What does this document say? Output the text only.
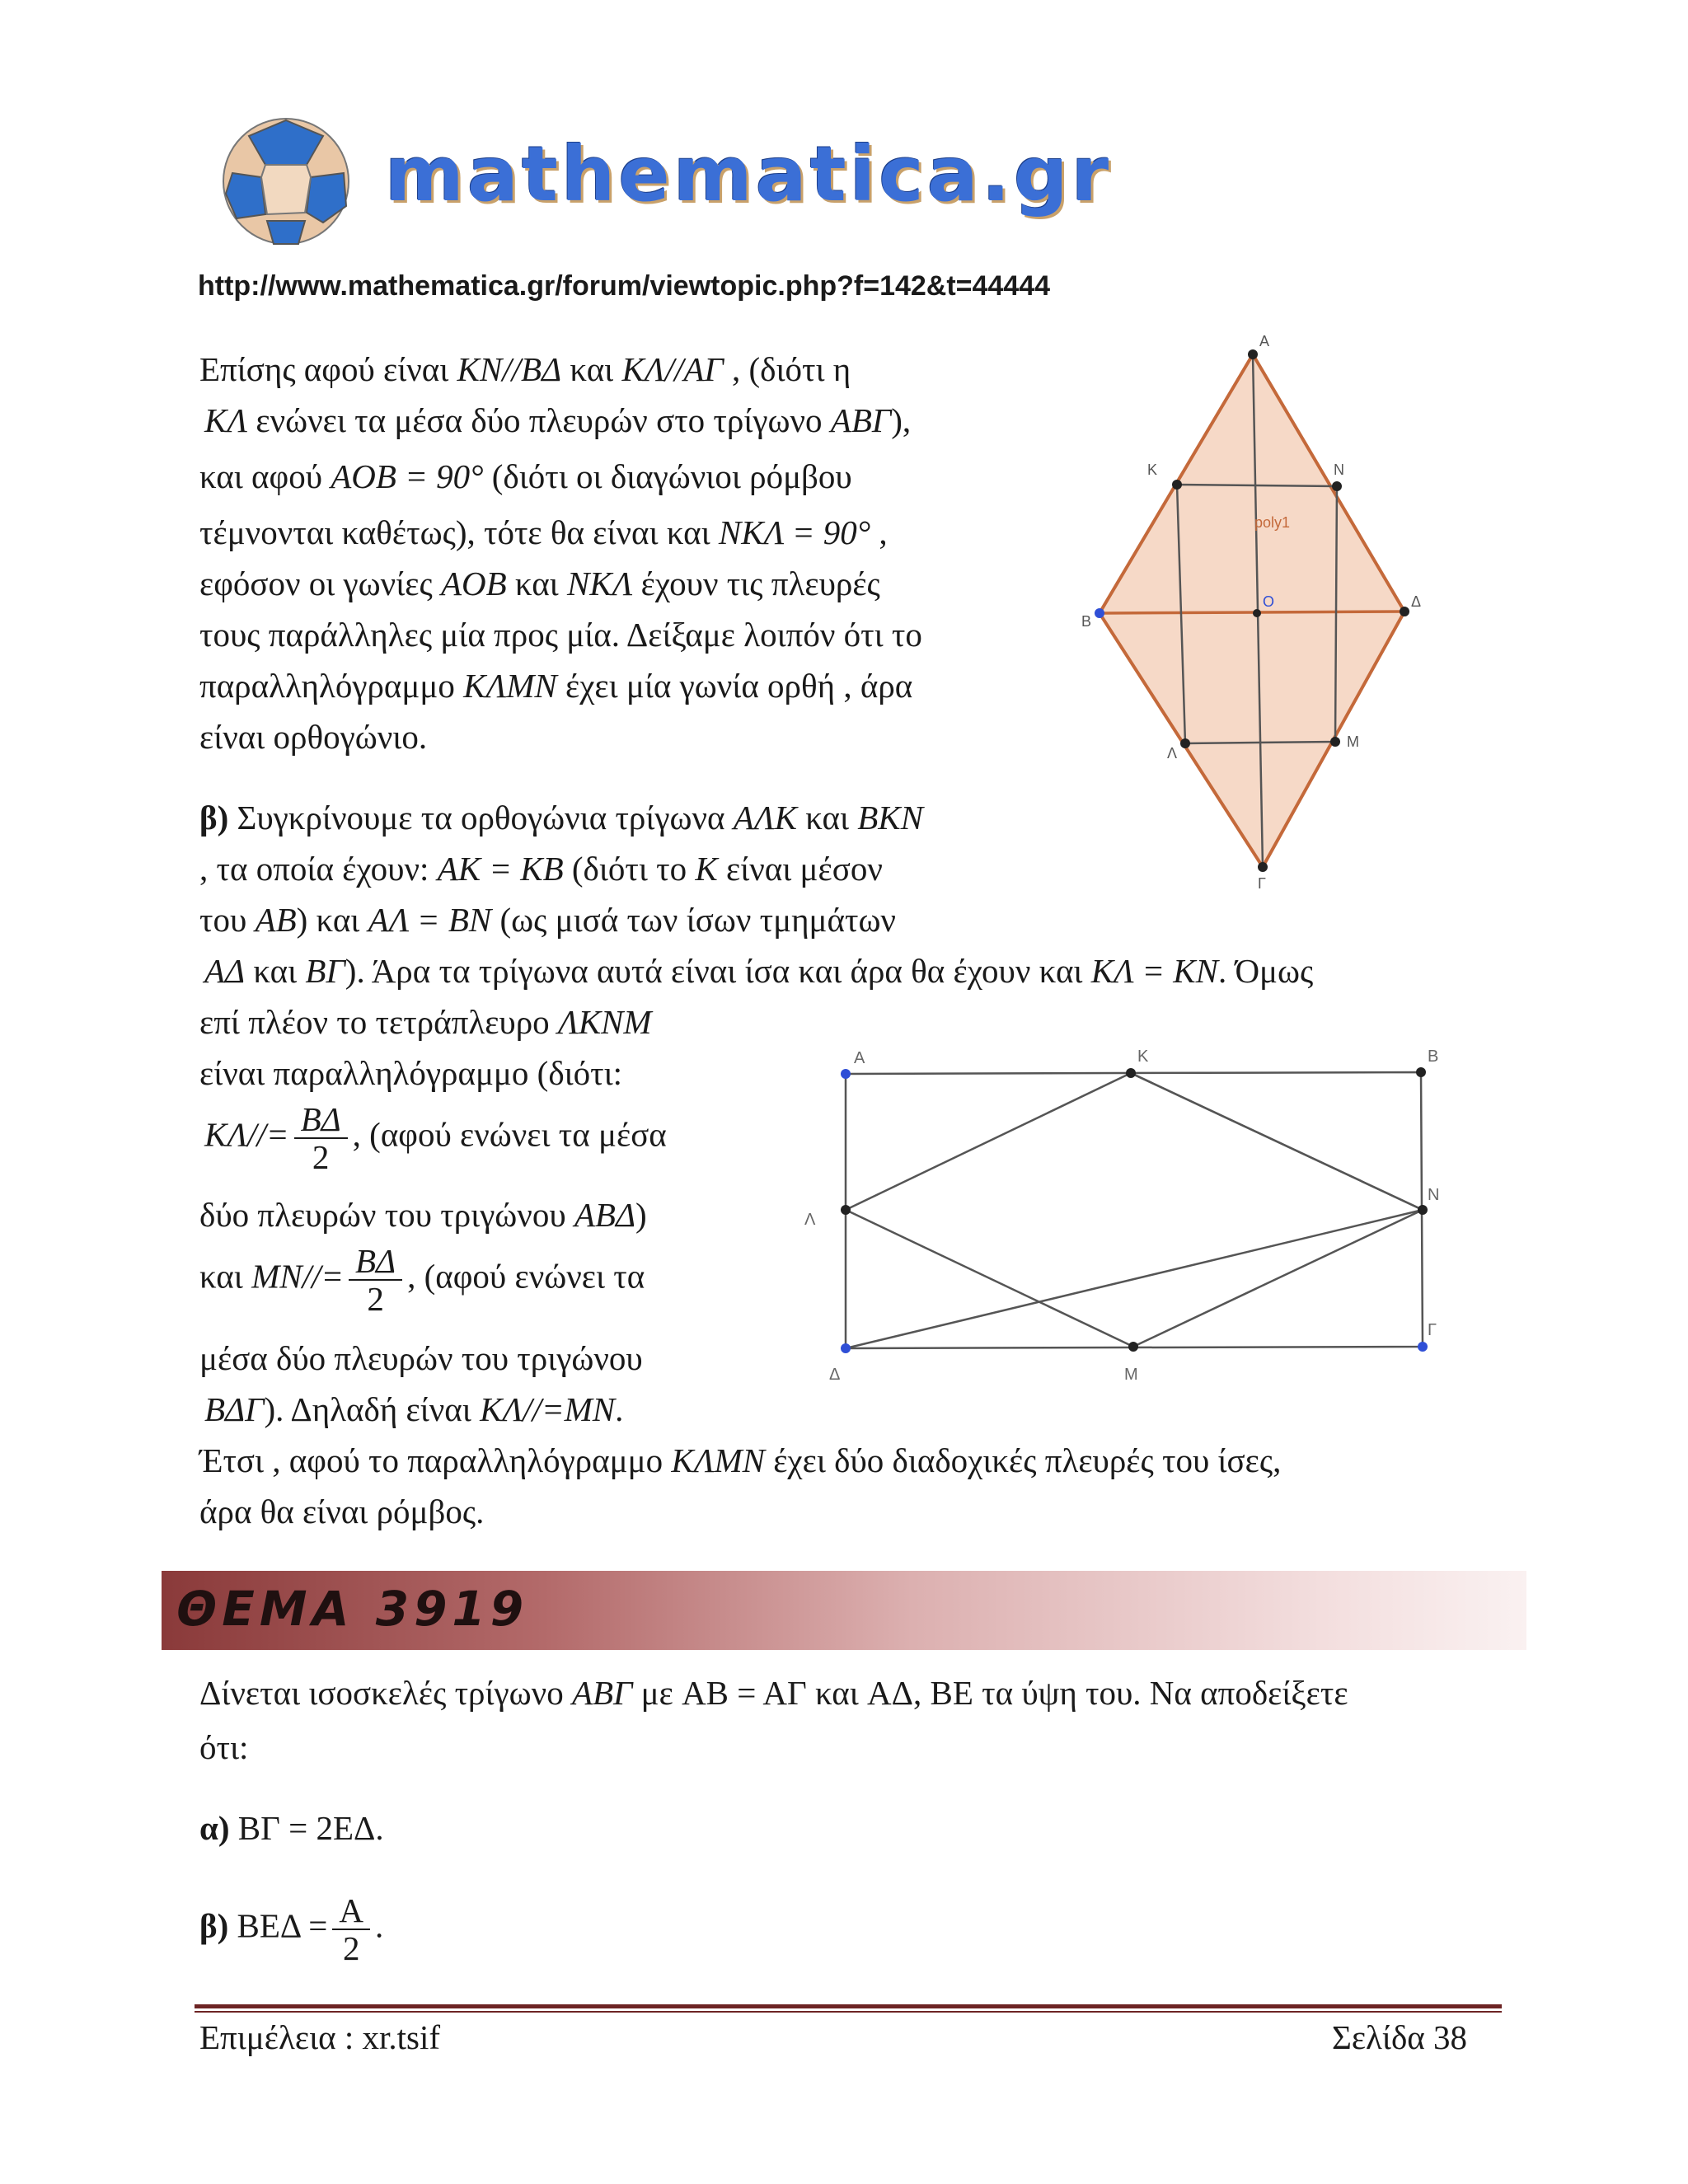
mathematica.gr
http://www.mathematica.gr/forum/viewtopic.php?f=142&t=44444
Α
Κ	Ν
poly1
Ο	Δ
Β
Λ
Μ
Γ
Α	Κ	Β
Ν
Λ
Γ
Δ	Μ
Επίσης αφού είναι KN//BΔ και KΛ//AΓ , (διότι η
KΛ ενώνει τα μέσα δύο πλευρών στο τρίγωνο ABΓ),
και αφού AOB = 90° (διότι οι διαγώνιοι ρόμβου
τέμνονται καθέτως), τότε θα είναι και NKΛ = 90° ,
εφόσον οι γωνίες AOB και NKΛ έχουν τις πλευρές
τους παράλληλες μία προς μία. Δείξαμε λοιπόν ότι το
παραλληλόγραμμο KΛMN έχει μία γωνία ορθή , άρα
είναι ορθογώνιο.
β) Συγκρίνουμε τα ορθογώνια τρίγωνα AΛK και BKN
, τα οποία έχουν: AK = KB (διότι το K είναι μέσον
του AB) και AΛ = BN (ως μισά των ίσων τμημάτων
AΔ και BΓ). Άρα τα τρίγωνα αυτά είναι ίσα και άρα θα έχουν και KΛ = KN. Όμως
επί πλέον το τετράπλευρο ΛKNM
είναι παραλληλόγραμμο (διότι:
$K\Lambda//= \frac{B\Delta}{2}$ , (αφού ενώνει τα μέσα
δύο πλευρών του τριγώνου ABΔ)
και $MN//= \frac{B\Delta}{2}$ , (αφού ενώνει τα
μέσα δύο πλευρών του τριγώνου
BΔΓ). Δηλαδή είναι KΛ//=MN.
Έτσι , αφού το παραλληλόγραμμο KΛMN έχει δύο διαδοχικές πλευρές του ίσες,
άρα θα είναι ρόμβος.
ΘΕΜΑ 3919
Δίνεται ισοσκελές τρίγωνο ABΓ με AB = AΓ και AΔ, BE τα ύψη του. Να αποδείξετε
ότι:
α) BΓ = 2EΔ.
β) $BE\Delta = \frac{A}{2}$ .
Επιμέλεια : xr.tsif	Σελίδα 38
